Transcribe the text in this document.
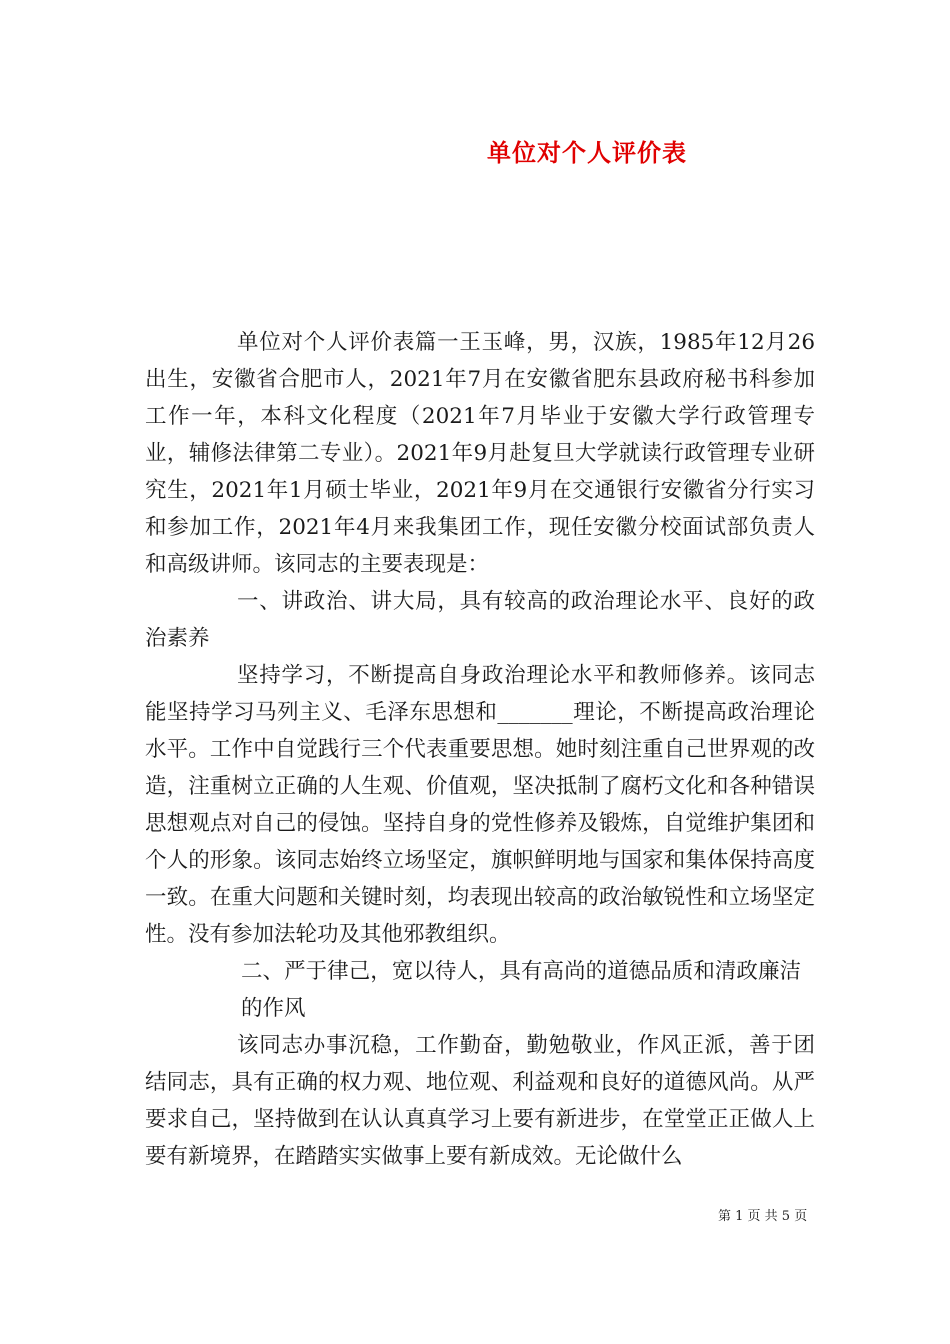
单位对个人评价表

单位对个人评价表篇一王玉峰，男，汉族，1985年12月26出生，安徽省合肥市人，2021年7月在安徽省肥东县政府秘书科参加工作一年，本科文化程度（2021年7月毕业于安徽大学行政管理专业，辅修法律第二专业）。2021年9月赴复旦大学就读行政管理专业研究生，2021年1月硕士毕业，2021年9月在交通银行安徽省分行实习和参加工作，2021年4月来我集团工作，现任安徽分校面试部负责人和高级讲师。该同志的主要表现是：

一、讲政治、讲大局，具有较高的政治理论水平、良好的政治素养

坚持学习，不断提高自身政治理论水平和教师修养。该同志能坚持学习马列主义、毛泽东思想和_______理论，不断提高政治理论水平。工作中自觉践行三个代表重要思想。她时刻注重自己世界观的改造，注重树立正确的人生观、价值观，坚决抵制了腐朽文化和各种错误思想观点对自己的侵蚀。坚持自身的党性修养及锻炼，自觉维护集团和个人的形象。该同志始终立场坚定，旗帜鲜明地与国家和集体保持高度一致。在重大问题和关键时刻，均表现出较高的政治敏锐性和立场坚定性。没有参加法轮功及其他邪教组织。

二、严于律己，宽以待人，具有高尚的道德品质和清政廉洁的作风

该同志办事沉稳，工作勤奋，勤勉敬业，作风正派，善于团结同志，具有正确的权力观、地位观、利益观和良好的道德风尚。从严要求自己，坚持做到在认认真真学习上要有新进步，在堂堂正正做人上要有新境界，在踏踏实实做事上要有新成效。无论做什么

第 1 页 共 5 页
